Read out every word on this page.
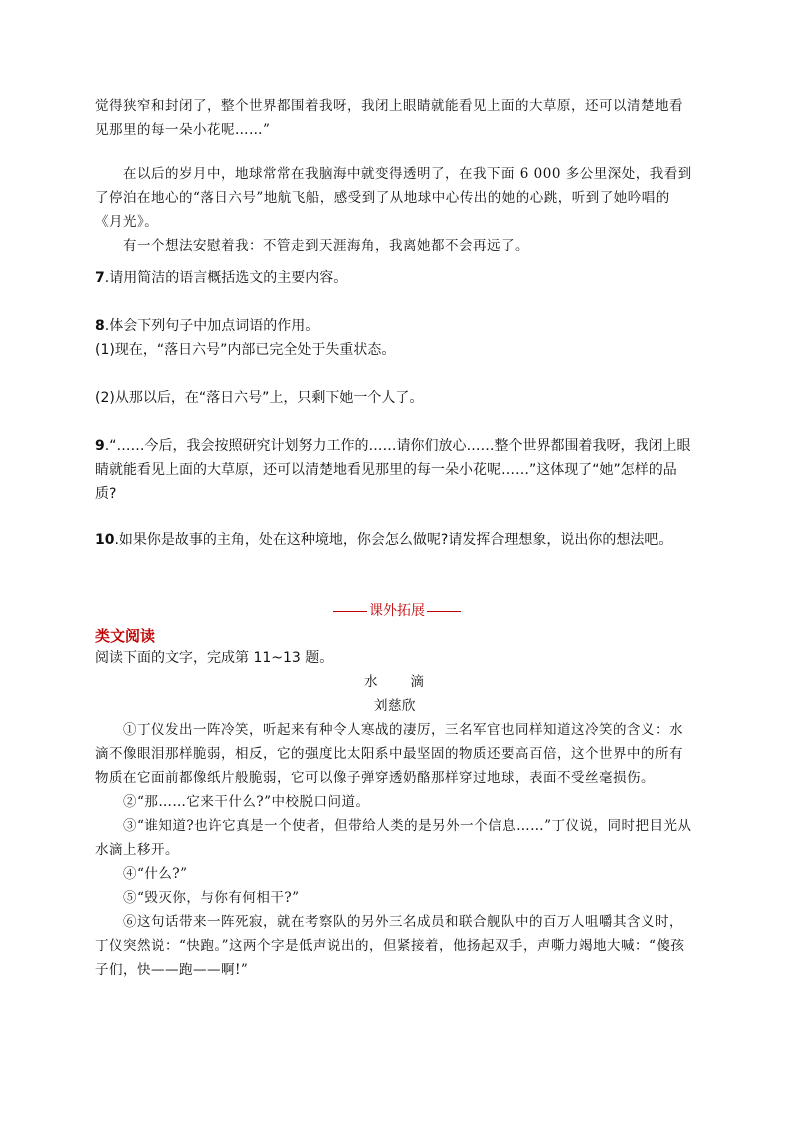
觉得狭窄和封闭了，整个世界都围着我呀，我闭上眼睛就能看见上面的大草原，还可以清楚地看见那里的每一朵小花呢……”

在以后的岁月中，地球常常在我脑海中就变得透明了，在我下面 6 000 多公里深处，我看到了停泊在地心的“落日六号”地航飞船，感受到了从地球中心传出的她的心跳，听到了她吟唱的《月光》。

有一个想法安慰着我：不管走到天涯海角，我离她都不会再远了。

7.请用简洁的语言概括选文的主要内容。

8.体会下列句子中加点词语的作用。

(1)现在，“落日六号”内部已完全处于失重状态。

(2)从那以后，在“落日六号”上，只剩下她一个人了。

9.“……今后，我会按照研究计划努力工作的……请你们放心……整个世界都围着我呀，我闭上眼睛就能看见上面的大草原，还可以清楚地看见那里的每一朵小花呢……”这体现了“她”怎样的品质?

10.如果你是故事的主角，处在这种境地，你会怎么做呢?请发挥合理想象，说出你的想法吧。

课外拓展

类文阅读

阅读下面的文字，完成第 11~13 题。

水　　滴

刘慈欣

①丁仪发出一阵冷笑，听起来有种令人寒战的凄厉，三名军官也同样知道这冷笑的含义：水滴不像眼泪那样脆弱，相反，它的强度比太阳系中最坚固的物质还要高百倍，这个世界中的所有物质在它面前都像纸片般脆弱，它可以像子弹穿透奶酪那样穿过地球，表面不受丝毫损伤。

②“那……它来干什么?”中校脱口问道。

③“谁知道?也许它真是一个使者，但带给人类的是另外一个信息……”丁仪说，同时把目光从水滴上移开。

④“什么?”

⑤“毁灭你，与你有何相干?”

⑥这句话带来一阵死寂，就在考察队的另外三名成员和联合舰队中的百万人咀嚼其含义时，丁仪突然说：“快跑。”这两个字是低声说出的，但紧接着，他扬起双手，声嘶力竭地大喊：“傻孩子们，快——跑——啊!”
